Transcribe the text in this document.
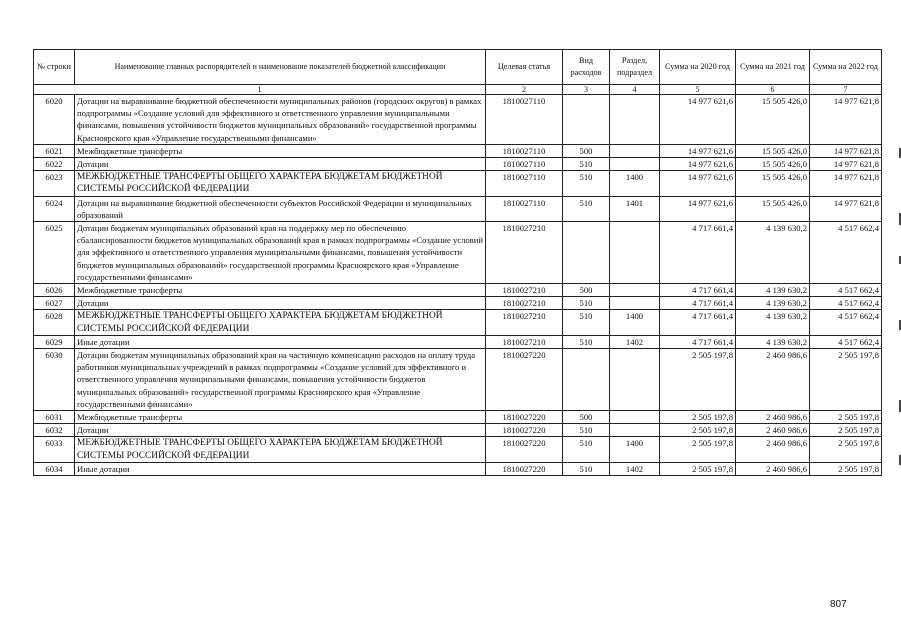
№ строки	Наименование главных распорядителей и наименование показателей бюджетной классификации	Целевая статья	Вид расходов	Раздел, подраздел	Сумма на 2020 год	Сумма на 2021 год	Сумма на 2022 год
1		2	3	4	5	6	7
6020	Дотации на выравнивание бюджетной обеспеченности муниципальных районов (городских округов) в рамках подпрограммы «Создание условий для эффективного и ответственного управления муниципальными финансами, повышения устойчивости бюджетов муниципальных образований» государственной программы Красноярского края «Управление государственными финансами»	1810027110			14 977 621,6	15 505 426,0	14 977 621,8
6021	Межбюджетные трансферты	1810027110	500		14 977 621,6	15 505 426,0	14 977 621,8
6022	Дотации	1810027110	510		14 977 621,6	15 505 426,0	14 977 621,8
6023	МЕЖБЮДЖЕТНЫЕ ТРАНСФЕРТЫ ОБЩЕГО ХАРАКТЕРА БЮДЖЕТАМ БЮДЖЕТНОЙ СИСТЕМЫ РОССИЙСКОЙ ФЕДЕРАЦИИ	1810027110	510	1400	14 977 621,6	15 505 426,0	14 977 621,8
6024	Дотации на выравнивание бюджетной обеспеченности субъектов Российской Федерации и муниципальных образований	1810027110	510	1401	14 977 621,6	15 505 426,0	14 977 621,8
6025	Дотации бюджетам муниципальных образований края на поддержку мер по обеспечению сбалансированности бюджетов муниципальных образований края в рамках подпрограммы «Создание условий для эффективного и ответственного управления муниципальными финансами, повышения устойчивости бюджетов муниципальных образований» государственной программы Красноярского края «Управление государственными финансами»	1810027210			4 717 661,4	4 139 630,2	4 517 662,4
6026	Межбюджетные трансферты	1810027210	500		4 717 661,4	4 139 630,2	4 517 662,4
6027	Дотации	1810027210	510		4 717 661,4	4 139 630,2	4 517 662,4
6028	МЕЖБЮДЖЕТНЫЕ ТРАНСФЕРТЫ ОБЩЕГО ХАРАКТЕРА БЮДЖЕТАМ БЮДЖЕТНОЙ СИСТЕМЫ РОССИЙСКОЙ ФЕДЕРАЦИИ	1810027210	510	1400	4 717 661,4	4 139 630,2	4 517 662,4
6029	Иные дотации	1810027210	510	1402	4 717 661,4	4 139 630,2	4 517 662,4
6030	Дотации бюджетам муниципальных образований края на частичную компенсацию расходов на оплату труда работников муниципальных учреждений в рамках подпрограммы «Создание условий для эффективного и ответственного управления муниципальными финансами, повышения устойчивости бюджетов муниципальных образований» государственной программы Красноярского края «Управление государственными финансами»	1810027220			2 505 197,8	2 460 986,6	2 505 197,8
6031	Межбюджетные трансферты	1810027220	500		2 505 197,8	2 460 986,6	2 505 197,8
6032	Дотации	1810027220	510		2 505 197,8	2 460 986,6	2 505 197,8
6033	МЕЖБЮДЖЕТНЫЕ ТРАНСФЕРТЫ ОБЩЕГО ХАРАКТЕРА БЮДЖЕТАМ БЮДЖЕТНОЙ СИСТЕМЫ РОССИЙСКОЙ ФЕДЕРАЦИИ	1810027220	510	1400	2 505 197,8	2 460 986,6	2 505 197,8
6034	Иные дотации	1810027220	510	1402	2 505 197,8	2 460 986,6	2 505 197,8
807
